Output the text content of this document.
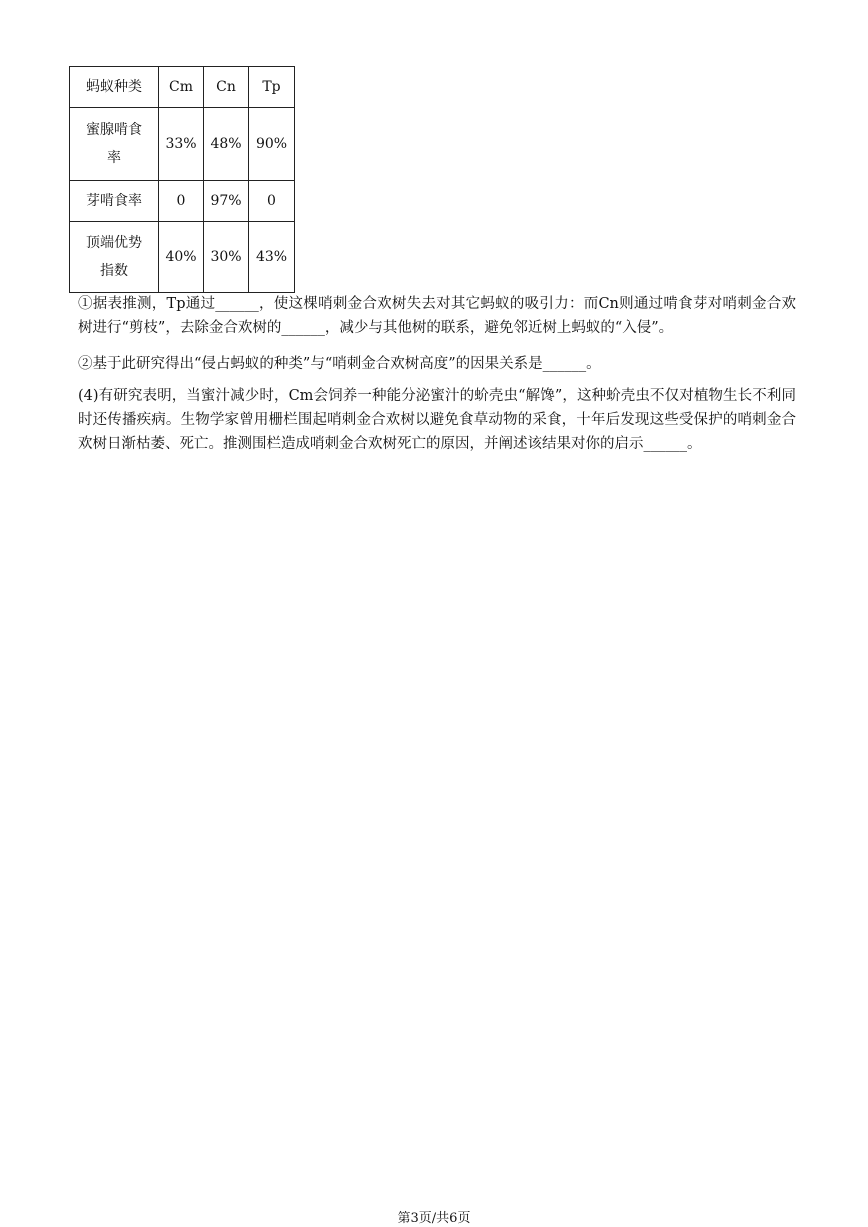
蚂蚁种类	Cm	Cn	Tp
蜜腺啃食率	33%	48%	90%
芽啃食率	0	97%	0
顶端优势指数	40%	30%	43%
①据表推测，Tp通过______，使这棵哨刺金合欢树失去对其它蚂蚁的吸引力：而Cn则通过啃食芽对哨刺金合欢树进行“剪枝”，去除金合欢树的______，减少与其他树的联系，避免邻近树上蚂蚁的“入侵”。
②基于此研究得出“侵占蚂蚁的种类”与“哨刺金合欢树高度”的因果关系是______。
(4)有研究表明，当蜜汁减少时，Cm会饲养一种能分泌蜜汁的蚧壳虫“解馋”，这种蚧壳虫不仅对植物生长不利同时还传播疾病。生物学家曾用栅栏围起哨刺金合欢树以避免食草动物的采食，十年后发现这些受保护的哨刺金合欢树日渐枯萎、死亡。推测围栏造成哨刺金合欢树死亡的原因，并阐述该结果对你的启示______。
第3页/共6页
